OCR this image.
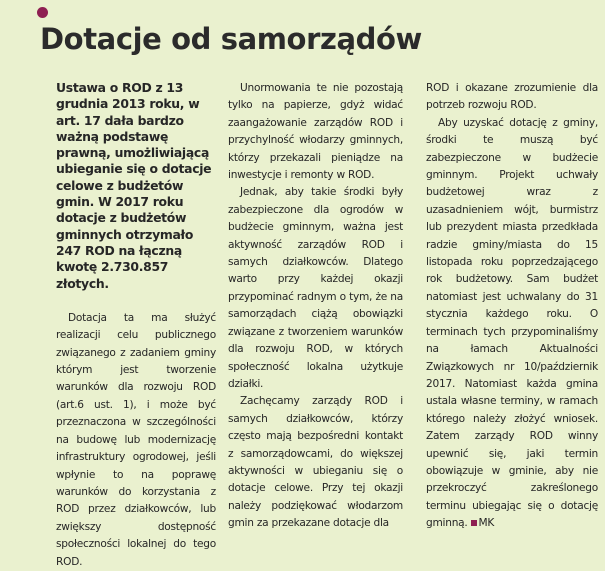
Dotacje od samorządów

Ustawa o ROD z 13 grudnia 2013 roku, w art. 17 dała bardzo ważną podstawę prawną, umożliwiającą ubieganie się o dotacje celowe z budżetów gmin. W 2017 roku dotacje z budżetów gminnych otrzymało 247 ROD na łączną kwotę 2.730.857 złotych.

Dotacja ta ma służyć realizacji celu publicznego związanego z zadaniem gminy którym jest tworzenie warunków dla rozwoju ROD (art.6 ust. 1), i może być przeznaczona w szczególności na budowę lub modernizację infrastruktury ogrodowej, jeśli wpłynie to na poprawę warunków do korzystania z ROD przez działkowców, lub zwiększy dostępność społeczności lokalnej do tego ROD.

Unormowania te nie pozostają tylko na papierze, gdyż widać zaangażowanie zarządów ROD i przychylność włodarzy gminnych, którzy przekazali pieniądze na inwestycje i remonty w ROD.

Jednak, aby takie środki były zabezpieczone dla ogrodów w budżecie gminnym, ważna jest aktywność zarządów ROD i samych działkowców. Dlatego warto przy każdej okazji przypominać radnym o tym, że na samorządach ciążą obowiązki związane z tworzeniem warunków dla rozwoju ROD, w których społeczność lokalna użytkuje działki.

Zachęcamy zarządy ROD i samych działkowców, którzy często mają bezpośredni kontakt z samorządowcami, do większej aktywności w ubieganiu się o dotacje celowe. Przy tej okazji należy podziękować włodarzom gmin za przekazane dotacje dla

ROD i okazane zrozumienie dla potrzeb rozwoju ROD.

Aby uzyskać dotację z gminy, środki te muszą być zabezpieczone w budżecie gminnym. Projekt uchwały budżetowej wraz z uzasadnieniem wójt, burmistrz lub prezydent miasta przedkłada radzie gminy/miasta do 15 listopada roku poprzedzającego rok budżetowy. Sam budżet natomiast jest uchwalany do 31 stycznia każdego roku. O terminach tych przypominaliśmy na łamach Aktualności Związkowych nr 10/październik 2017. Natomiast każda gmina ustala własne terminy, w ramach którego należy złożyć wniosek. Zatem zarządy ROD winny upewnić się, jaki termin obowiązuje w gminie, aby nie przekroczyć zakreślonego terminu ubiegając się o dotację gminną. MK
